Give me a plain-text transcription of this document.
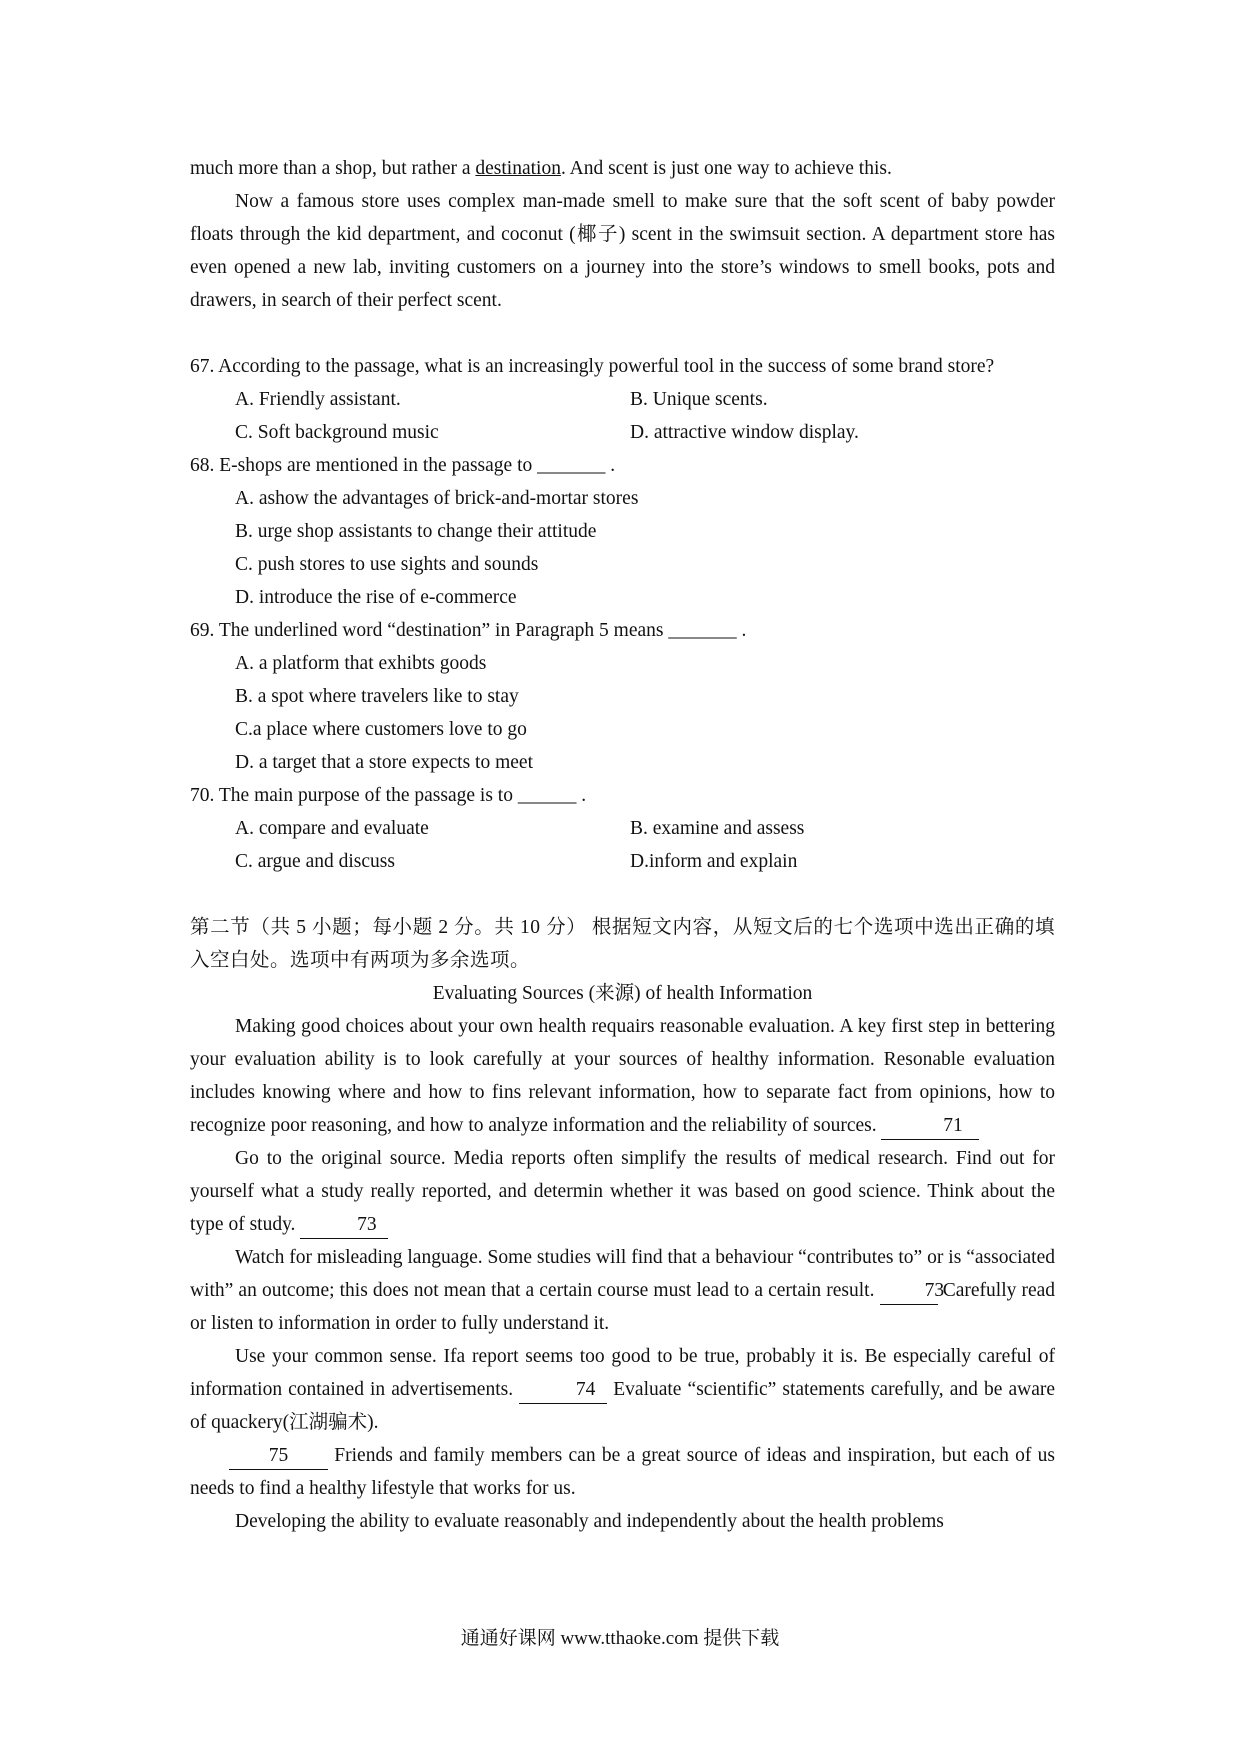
much more than a shop, but rather a destination. And scent is just one way to achieve this.

Now a famous store uses complex man-made smell to make sure that the soft scent of baby powder floats through the kid department, and coconut (椰子) scent in the swimsuit section. A department store has even opened a new lab, inviting customers on a journey into the store’s windows to smell books, pots and drawers, in search of their perfect scent.

67. According to the passage, what is an increasingly powerful tool in the success of some brand store?

A. Friendly assistant.	B. Unique scents.
C. Soft background music	D. attractive window display.

68. E-shops are mentioned in the passage to _______ .

A. ashow the advantages of brick-and-mortar stores
B. urge shop assistants to change their attitude
C. push stores to use sights and sounds
D. introduce the rise of e-commerce

69. The underlined word “destination” in Paragraph 5 means _______ .

A. a platform that exhibts goods
B. a spot where travelers like to stay
C.a place where customers love to go
D. a target that a store expects to meet

70. The main purpose of the passage is to ______ .

A. compare and evaluate	B. examine and assess
C. argue and discuss	D.inform and explain

第二节（共 5 小题；每小题 2 分。共 10 分） 根据短文内容，从短文后的七个选项中选出正确的填入空白处。选项中有两项为多余选项。

Evaluating Sources (来源) of health Information

Making good choices about your own health requairs reasonable evaluation. A key first step in bettering your evaluation ability is to look carefully at your sources of healthy information. Resonable evaluation includes knowing where and how to fins relevant information, how to separate fact from opinions, how to recognize poor reasoning, and how to analyze information and the reliability of sources.	71

Go to the original source. Media reports often simplify the results of medical research. Find out for yourself what a study really reported, and determin whether it was based on good science. Think about the type of study.	73

Watch for misleading language. Some studies will find that a behaviour “contributes to” or is “associated with” an outcome; this does not mean that a certain course must lead to a certain result.	73 Carefully read or listen to information in order to fully understand it.

Use your common sense. Ifa report seems too good to be true, probably it is. Be especially careful of information contained in advertisements.	74 Evaluate “scientific” statements carefully, and be aware of quackery(江湖骗术).

75 Friends and family members can be a great source of ideas and inspiration, but each of us needs to find a healthy lifestyle that works for us.

Developing the ability to evaluate reasonably and independently about the health problems

通通好课网 www.tthaoke.com 提供下载
